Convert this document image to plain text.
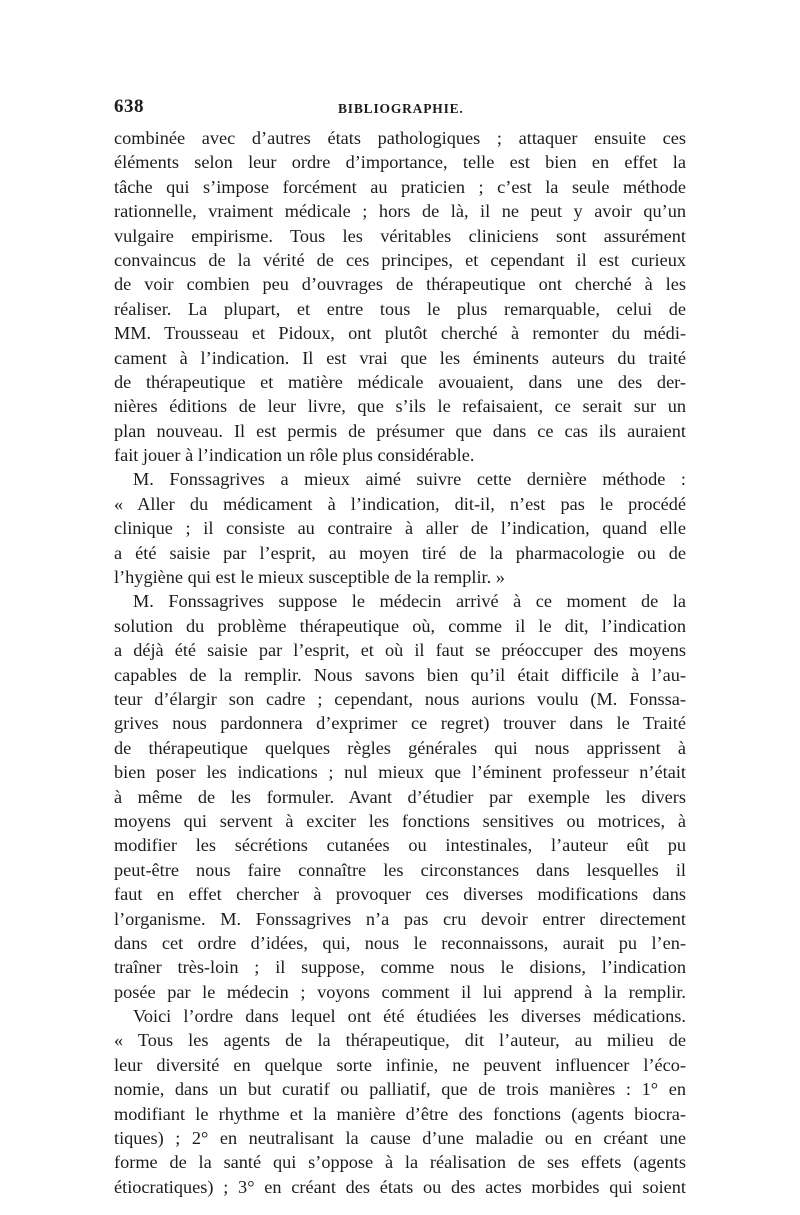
638	BIBLIOGRAPHIE.
combinée avec d’autres états pathologiques ; attaquer ensuite ces
éléments selon leur ordre d’importance, telle est bien en effet la
tâche qui s’impose forcément au praticien ; c’est la seule méthode
rationnelle, vraiment médicale ; hors de là, il ne peut y avoir qu’un
vulgaire empirisme. Tous les véritables cliniciens sont assurément
convaincus de la vérité de ces principes, et cependant il est curieux
de voir combien peu d’ouvrages de thérapeutique ont cherché à les
réaliser. La plupart, et entre tous le plus remarquable, celui de
MM. Trousseau et Pidoux, ont plutôt cherché à remonter du médi-
cament à l’indication. Il est vrai que les éminents auteurs du traité
de thérapeutique et matière médicale avouaient, dans une des der-
nières éditions de leur livre, que s’ils le refaisaient, ce serait sur un
plan nouveau. Il est permis de présumer que dans ce cas ils auraient
fait jouer à l’indication un rôle plus considérable.
M. Fonssagrives a mieux aimé suivre cette dernière méthode :
« Aller du médicament à l’indication, dit-il, n’est pas le procédé
clinique ; il consiste au contraire à aller de l’indication, quand elle
a été saisie par l’esprit, au moyen tiré de la pharmacologie ou de
l’hygiène qui est le mieux susceptible de la remplir. »
M. Fonssagrives suppose le médecin arrivé à ce moment de la
solution du problème thérapeutique où, comme il le dit, l’indication
a déjà été saisie par l’esprit, et où il faut se préoccuper des moyens
capables de la remplir. Nous savons bien qu’il était difficile à l’au-
teur d’élargir son cadre ; cependant, nous aurions voulu (M. Fonssa-
grives nous pardonnera d’exprimer ce regret) trouver dans le Traité
de thérapeutique quelques règles générales qui nous apprissent à
bien poser les indications ; nul mieux que l’éminent professeur n’était
à même de les formuler. Avant d’étudier par exemple les divers
moyens qui servent à exciter les fonctions sensitives ou motrices, à
modifier les sécrétions cutanées ou intestinales, l’auteur eût pu
peut-être nous faire connaître les circonstances dans lesquelles il
faut en effet chercher à provoquer ces diverses modifications dans
l’organisme. M. Fonssagrives n’a pas cru devoir entrer directement
dans cet ordre d’idées, qui, nous le reconnaissons, aurait pu l’en-
traîner très-loin ; il suppose, comme nous le disions, l’indication
posée par le médecin ; voyons comment il lui apprend à la remplir.
Voici l’ordre dans lequel ont été étudiées les diverses médications.
« Tous les agents de la thérapeutique, dit l’auteur, au milieu de
leur diversité en quelque sorte infinie, ne peuvent influencer l’éco-
nomie, dans un but curatif ou palliatif, que de trois manières : 1° en
modifiant le rhythme et la manière d’être des fonctions (agents biocra-
tiques) ; 2° en neutralisant la cause d’une maladie ou en créant une
forme de la santé qui s’oppose à la réalisation de ses effets (agents
étiocratiques) ; 3° en créant des états ou des actes morbides qui soient
